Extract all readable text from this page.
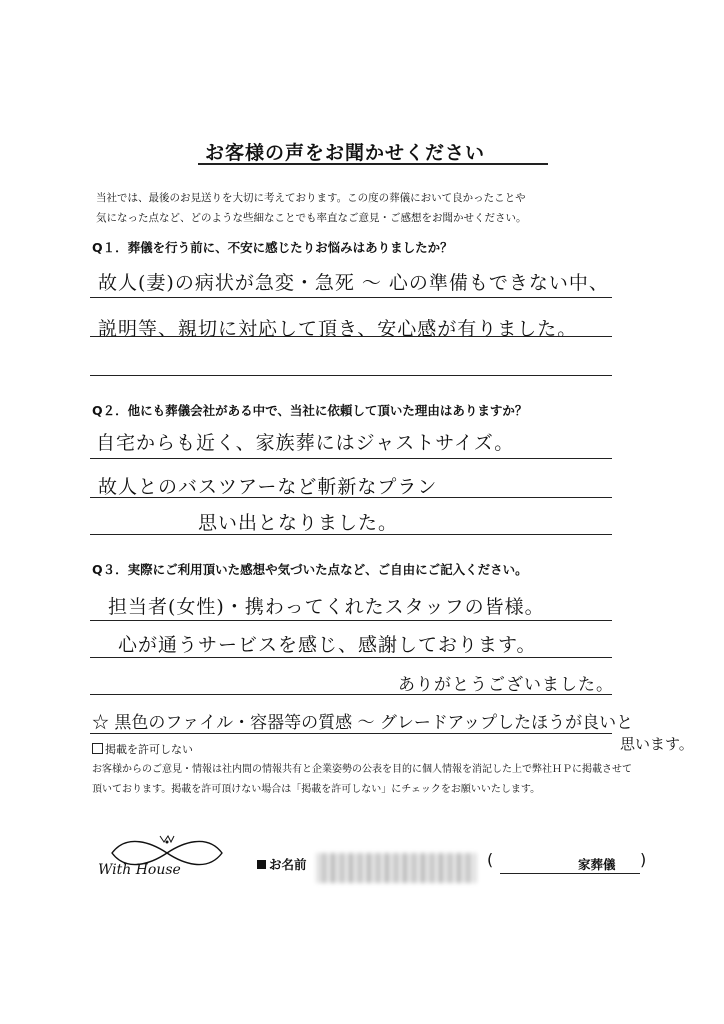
お客様の声をお聞かせください
当社では、最後のお見送りを大切に考えております。この度の葬儀において良かったことや
気になった点など、どのような些細なことでも率直なご意見・ご感想をお聞かせください。
Q１．葬儀を行う前に、不安に感じたりお悩みはありましたか？
故人(妻)の病状が急変・急死 〜 心の準備もできない中、
説明等、親切に対応して頂き、安心感が有りました。
Q２．他にも葬儀会社がある中で、当社に依頼して頂いた理由はありますか？
自宅からも近く、家族葬にはジャストサイズ。
故人とのバスツアーなど斬新なプラン
思い出となりました。
Q３．実際にご利用頂いた感想や気づいた点など、ご自由にご記入ください。
担当者(女性)・携わってくれたスタッフの皆様。
心が通うサービスを感じ、感謝しております。
ありがとうございました。
☆ 黒色のファイル・容器等の質感 〜 グレードアップしたほうが良いと
思います。
掲載を許可しない
お客様からのご意見・情報は社内間の情報共有と企業姿勢の公表を目的に個人情報を消記した上で弊社ＨＰに掲載させて
頂いております。掲載を許可頂けない場合は「掲載を許可しない」にチェックをお願いいたします。
With House	お名前	(	家葬儀 )
